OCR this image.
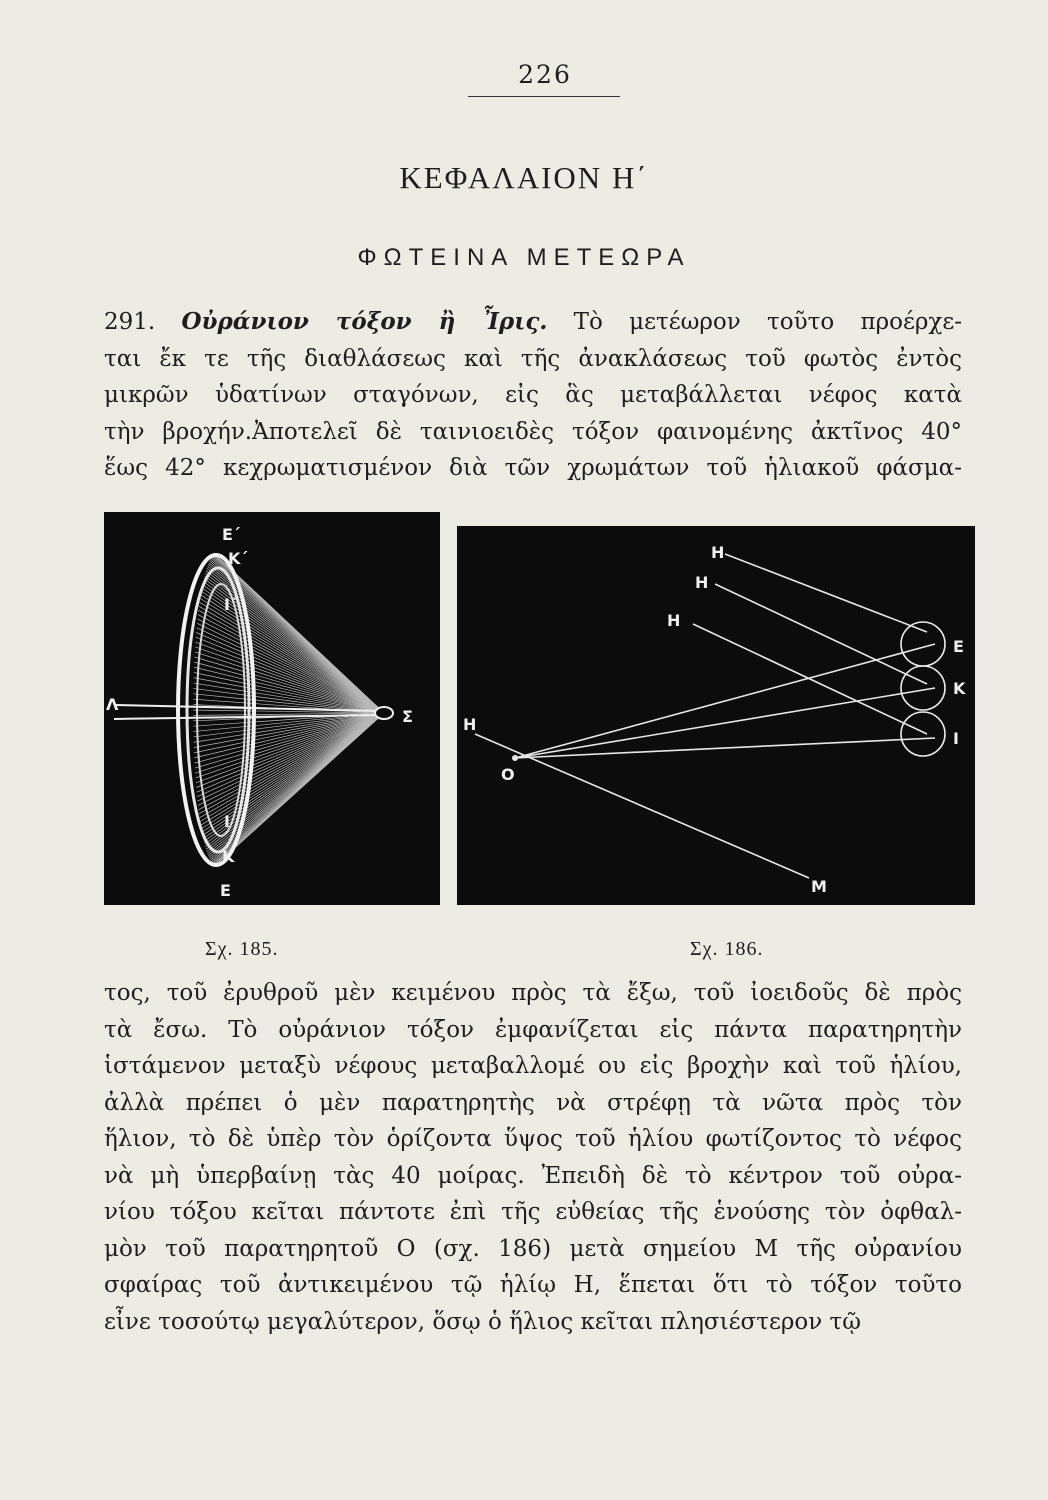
226
ΚΕΦΑΛΑΙΟΝ Η΄
ΦΩΤΕΙΝΑ ΜΕΤΕΩΡΑ
291. Οὐράνιον τόξον ἢ Ἶρις. Τὸ μετέωρον τοῦτο προέρχε-
ται ἔκ τε τῆς διαθλάσεως καὶ τῆς ἀνακλάσεως τοῦ φωτὸς ἐντὸς
μικρῶν ὑδατίνων σταγόνων, εἰς ἃς μεταβάλλεται νέφος κατὰ
τὴν βροχήν.Ἀποτελεῖ δὲ ταινιοειδὲς τόξον φαινομένης ἀκτῖνος 40°
ἕως 42° κεχρωματισμένον διὰ τῶν χρωμάτων τοῦ ἡλιακοῦ φάσμα-
Ε΄
Κ΄
Ι΄
Λ
Σ
Ι
Κ
Ε
Η
Η
Η
Η
Ε
Κ
Ι
Ο
Μ
Σχ. 185.	Σχ. 186.
τος, τοῦ ἐρυθροῦ μὲν κειμένου πρὸς τὰ ἔξω, τοῦ ἰοειδοῦς δὲ πρὸς
τὰ ἔσω. Τὸ οὐράνιον τόξον ἐμφανίζεται εἰς πάντα παρατηρητὴν
ἱστάμενον μεταξὺ νέφους μεταβαλλομέ ου εἰς βροχὴν καὶ τοῦ ἡλίου,
ἀλλὰ πρέπει ὁ μὲν παρατηρητὴς νὰ στρέφῃ τὰ νῶτα πρὸς τὸν
ἥλιον, τὸ δὲ ὑπὲρ τὸν ὁρίζοντα ὕψος τοῦ ἡλίου φωτίζοντος τὸ νέφος
νὰ μὴ ὑπερβαίνῃ τὰς 40 μοίρας. Ἐπειδὴ δὲ τὸ κέντρον τοῦ οὐρα-
νίου τόξου κεῖται πάντοτε ἐπὶ τῆς εὐθείας τῆς ἑνούσης τὸν ὀφθαλ-
μὸν τοῦ παρατηρητοῦ Ο (σχ. 186) μετὰ σημείου Μ τῆς οὐρανίου
σφαίρας τοῦ ἀντικειμένου τῷ ἡλίῳ Η, ἕπεται ὅτι τὸ τόξον τοῦτο
εἶνε τοσούτῳ μεγαλύτερον, ὅσῳ ὁ ἥλιος κεῖται πλησιέστερον τῷ
